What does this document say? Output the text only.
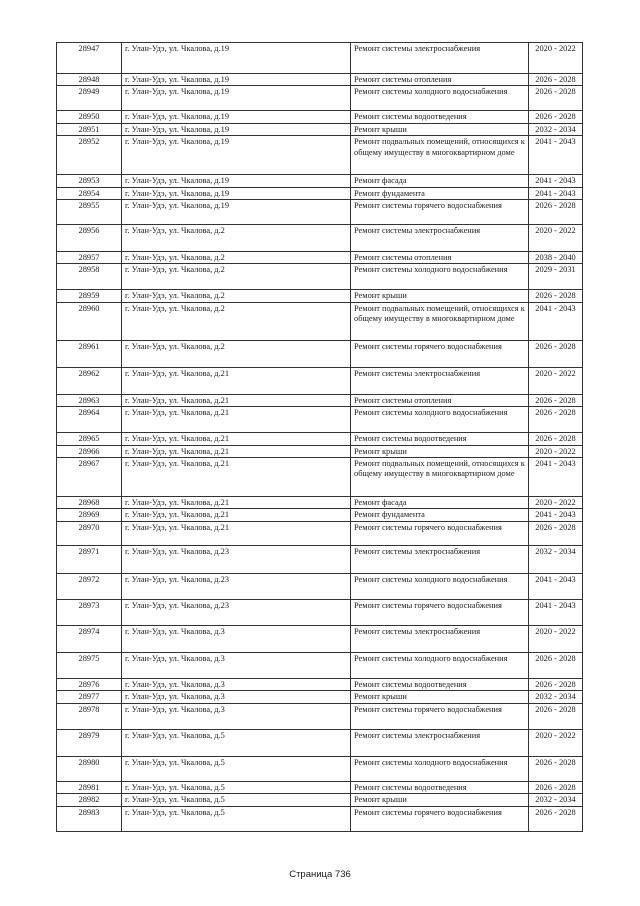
28947	г. Улан-Удэ, ул. Чкалова, д.19	Ремонт системы электроснабжения	2020 - 2022
28948	г. Улан-Удэ, ул. Чкалова, д.19	Ремонт системы отопления	2026 - 2028
28949	г. Улан-Удэ, ул. Чкалова, д.19	Ремонт системы холодного водоснабжения	2026 - 2028
28950	г. Улан-Удэ, ул. Чкалова, д.19	Ремонт системы водоотведения	2026 - 2028
28951	г. Улан-Удэ, ул. Чкалова, д.19	Ремонт крыши	2032 - 2034
28952	г. Улан-Удэ, ул. Чкалова, д.19	Ремонт подвальных помещений, относящихся к общему имуществу в многоквартирном доме	2041 - 2043
28953	г. Улан-Удэ, ул. Чкалова, д.19	Ремонт фасада	2041 - 2043
28954	г. Улан-Удэ, ул. Чкалова, д.19	Ремонт фундамента	2041 - 2043
28955	г. Улан-Удэ, ул. Чкалова, д.19	Ремонт системы горячего водоснабжения	2026 - 2028
28956	г. Улан-Удэ, ул. Чкалова, д.2	Ремонт системы электроснабжения	2020 - 2022
28957	г. Улан-Удэ, ул. Чкалова, д.2	Ремонт системы отопления	2038 - 2040
28958	г. Улан-Удэ, ул. Чкалова, д.2	Ремонт системы холодного водоснабжения	2029 - 2031
28959	г. Улан-Удэ, ул. Чкалова, д.2	Ремонт крыши	2026 - 2028
28960	г. Улан-Удэ, ул. Чкалова, д.2	Ремонт подвальных помещений, относящихся к общему имуществу в многоквартирном доме	2041 - 2043
28961	г. Улан-Удэ, ул. Чкалова, д.2	Ремонт системы горячего водоснабжения	2026 - 2028
28962	г. Улан-Удэ, ул. Чкалова, д.21	Ремонт системы электроснабжения	2020 - 2022
28963	г. Улан-Удэ, ул. Чкалова, д.21	Ремонт системы отопления	2026 - 2028
28964	г. Улан-Удэ, ул. Чкалова, д.21	Ремонт системы холодного водоснабжения	2026 - 2028
28965	г. Улан-Удэ, ул. Чкалова, д.21	Ремонт системы водоотведения	2026 - 2028
28966	г. Улан-Удэ, ул. Чкалова, д.21	Ремонт крыши	2020 - 2022
28967	г. Улан-Удэ, ул. Чкалова, д.21	Ремонт подвальных помещений, относящихся к общему имуществу в многоквартирном доме	2041 - 2043
28968	г. Улан-Удэ, ул. Чкалова, д.21	Ремонт фасада	2020 - 2022
28969	г. Улан-Удэ, ул. Чкалова, д.21	Ремонт фундамента	2041 - 2043
28970	г. Улан-Удэ, ул. Чкалова, д.21	Ремонт системы горячего водоснабжения	2026 - 2028
28971	г. Улан-Удэ, ул. Чкалова, д.23	Ремонт системы электроснабжения	2032 - 2034
28972	г. Улан-Удэ, ул. Чкалова, д.23	Ремонт системы холодного водоснабжения	2041 - 2043
28973	г. Улан-Удэ, ул. Чкалова, д.23	Ремонт системы горячего водоснабжения	2041 - 2043
28974	г. Улан-Удэ, ул. Чкалова, д.3	Ремонт системы электроснабжения	2020 - 2022
28975	г. Улан-Удэ, ул. Чкалова, д.3	Ремонт системы холодного водоснабжения	2026 - 2028
28976	г. Улан-Удэ, ул. Чкалова, д.3	Ремонт системы водоотведения	2026 - 2028
28977	г. Улан-Удэ, ул. Чкалова, д.3	Ремонт крыши	2032 - 2034
28978	г. Улан-Удэ, ул. Чкалова, д.3	Ремонт системы горячего водоснабжения	2026 - 2028
28979	г. Улан-Удэ, ул. Чкалова, д.5	Ремонт системы электроснабжения	2020 - 2022
28980	г. Улан-Удэ, ул. Чкалова, д.5	Ремонт системы холодного водоснабжения	2026 - 2028
28981	г. Улан-Удэ, ул. Чкалова, д.5	Ремонт системы водоотведения	2026 - 2028
28982	г. Улан-Удэ, ул. Чкалова, д.5	Ремонт крыши	2032 - 2034
28983	г. Улан-Удэ, ул. Чкалова, д.5	Ремонт системы горячего водоснабжения	2026 - 2028
Страница 736
